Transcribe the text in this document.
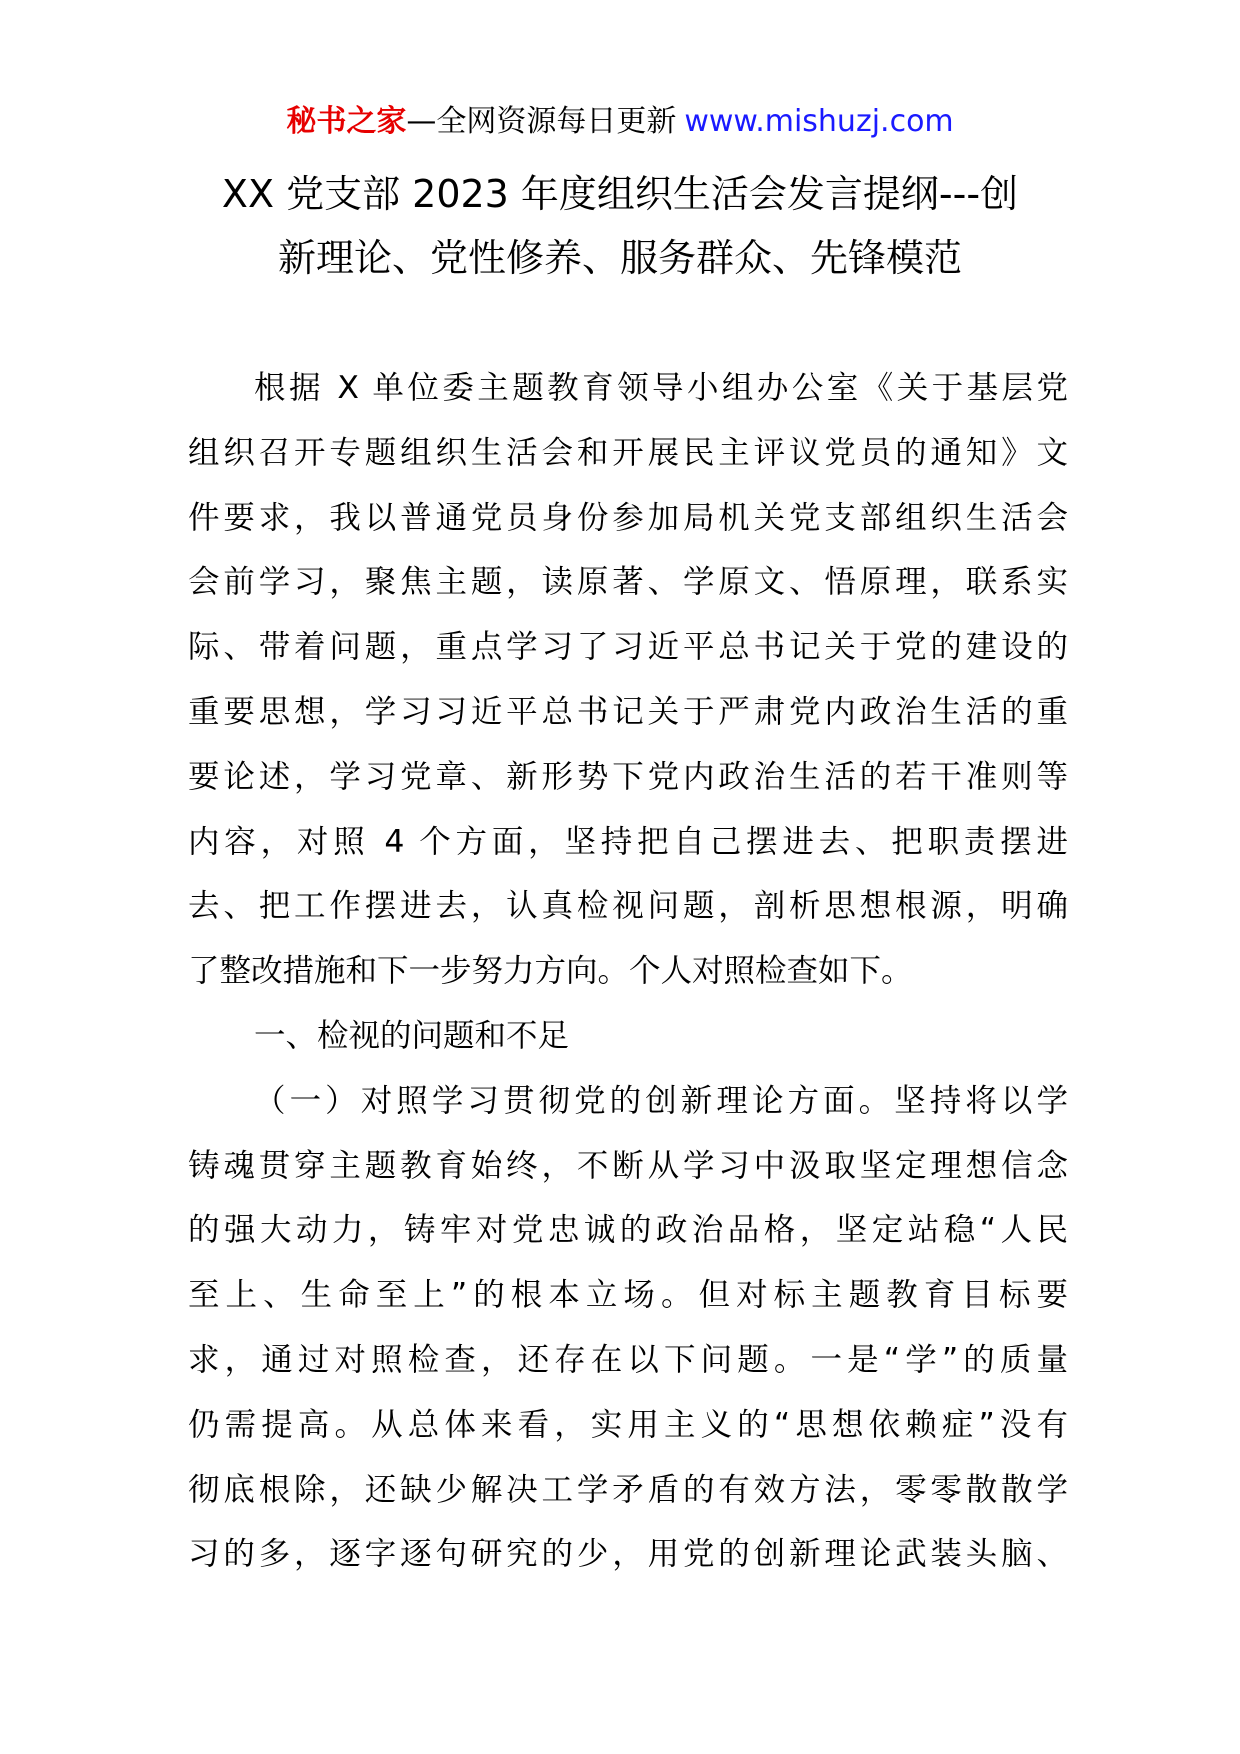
秘书之家—全网资源每日更新 www.mishuzj.com
XX 党支部 2023 年度组织生活会发言提纲---创
新理论、党性修养、服务群众、先锋模范
根据 X 单位委主题教育领导小组办公室《关于基层党
组织召开专题组织生活会和开展民主评议党员的通知》文
件要求，我以普通党员身份参加局机关党支部组织生活会
会前学习，聚焦主题，读原著、学原文、悟原理，联系实
际、带着问题，重点学习了习近平总书记关于党的建设的
重要思想，学习习近平总书记关于严肃党内政治生活的重
要论述，学习党章、新形势下党内政治生活的若干准则等
内容，对照 4 个方面，坚持把自己摆进去、把职责摆进
去、把工作摆进去，认真检视问题，剖析思想根源，明确
了整改措施和下一步努力方向。个人对照检查如下。
一、检视的问题和不足
（一）对照学习贯彻党的创新理论方面。坚持将以学
铸魂贯穿主题教育始终，不断从学习中汲取坚定理想信念
的强大动力，铸牢对党忠诚的政治品格，坚定站稳“人民
至上、生命至上”的根本立场。但对标主题教育目标要
求，通过对照检查，还存在以下问题。一是“学”的质量
仍需提高。从总体来看，实用主义的“思想依赖症”没有
彻底根除，还缺少解决工学矛盾的有效方法，零零散散学
习的多，逐字逐句研究的少，用党的创新理论武装头脑、
